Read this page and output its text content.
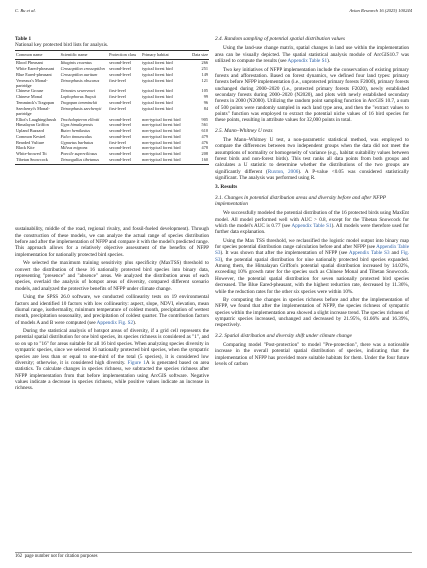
C. Bu et al.	Avian Research 16 (2025) 100244

Table 1

National key protected bird lists for analysis.

Common name	Scientific name	Protection class	Primary habitat	Data size
Blood Pheasant	Ithaginis cruentus	second-level	typical forest bird	266
White Eared-pheasant	Crossoptilon crossoptilon	second-level	typical forest bird	251
Blue Eared-pheasant	Crossoptilon auritum	second-level	typical forest bird	149
Verreaux's Monal-partridge	Tetraophasis obscurus	first-level	typical forest bird	121
Chinese Grouse	Tetrastes sewerzowi	first-level	typical forest bird	105
Chinese Monal	Lophophorus lhuysii	first-level	typical forest bird	99
Temminck's Tragopan	Tragopan temminckii	second-level	typical forest bird	96
Szechenyi's Monal-partridge	Tetraophasis szechenyii	first-level	typical forest bird	84
Elliot's Laughingthrush	Trochalopteron elliotii	second-level	non-typical forest bird	905
Himalayan Griffon	Gyps himalayensis	second-level	non-typical forest bird	561
Upland Buzzard	Buteo hemilasius	second-level	non-typical forest bird	610
Common Kestrel	Falco tinnunculus	second-level	non-typical forest bird	479
Bearded Vulture	Gypaetus barbatus	first-level	non-typical forest bird	476
Black Kite	Milvus migrans	second-level	non-typical forest bird	478
White-browed Tit	Poecile superciliosus	second-level	non-typical forest bird	208
Tibetan Snowcock	Tetraogallus tibetanus	second-level	non-typical forest bird	160

sustainability, middle of the road, regional rivalry, and fossil-fueled development). Through the construction of these models, we can analyze the actual range of species distribution before and after the implementation of NFPP and compare it with the model's predicted range. This approach allows for a relatively objective assessment of the benefits of NFPP implementation for nationally protected bird species.

We selected the maximum training sensitivity plus specificity (MaxTSS) threshold to convert the distribution of these 16 nationally protected bird species into binary data, representing "presence" and "absence" areas. We analyzed the distribution areas of each species, overlaid the analysis of hotspot areas of diversity, compared different scenario models, and analyzed the protective benefits of NFPP under climate change.

Using the SPSS 26.0 software, we conducted collinearity tests on 19 environmental factors and identified 10 factors with low collinearity: aspect, slope, NDVI, elevation, mean diurnal range, isothermality, minimum temperature of coldest month, precipitation of wettest month, precipitation seasonality, and precipitation of coldest quarter. The contribution factors of models A and B were computed (see Appendix Fig. S2).

During the statistical analysis of hotspot areas of diversity, if a grid cell represents the potential spatial distribution for one bird species, its species richness is considered as "1", and so on up to "16" for areas suitable for all 16 bird species. When analyzing species diversity in sympatric species, since we selected 16 nationally protected bird species, when the sympatric species are less than or equal to one-third of the total (5 species), it is considered low diversity; otherwise, it is considered high diversity. Figure 1A is generated based on area statistics. To calculate changes in species richness, we subtracted the species richness after NFPP implementation from that before implementation using ArcGIS software. Negative values indicate a decrease in species richness, while positive values indicate an increase in richness.

2.4. Random sampling of potential spatial distribution values

Using the land-use change matrix, spatial changes in land use within the implementation area can be visually depicted. The spatial statistical analysis module of ArcGIS10.7 was utilized to compute the results (see Appendix Table S1).

Two key initiatives of NFPP implementation include the conservation of existing primary forests and afforestation. Based on forest dynamics, we defined four land types: primary forests before NFPP implementation (i.e., unprotected primary forests F2000), primary forests unchanged during 2000–2020 (i.e., protected primary forests F2020), newly established secondary forests during 2000–2020 (N2020), and plots with newly established secondary forests in 2000 (N2000). Utilizing the random point sampling function in ArcGIS 10.7, a sum of 500 points were randomly sampled in each land type area, and then the "extract values to points" function was employed to extract the potential niche values of 16 bird species for these points, resulting in attribute values for 32,000 points in total.

2.5. Mann–Whitney U tests

The Mann–Whitney U test, a non-parametric statistical method, was employed to compare the differences between two independent groups when the data did not meet the assumptions of normality or homogeneity of variance (e.g., habitat suitability values between forest birds and non-forest birds). This test ranks all data points from both groups and calculates a U statistic to determine whether the distributions of the two groups are significantly different (Ruxton, 2006). A P-value <0.05 was considered statistically significant. The analysis was performed using R.

3. Results
3.1. Changes in potential distribution areas and diversity before and after NFPP implementation

We successfully modeled the potential distribution of the 16 protected birds using MaxEnt model. All model performed well with AUC > 0.8, except for the Tibetan Snowcock for which the model's AUC is 0.77 (see Appendix Table S1). All models were therefore used for further data explanation.

Using the Max TSS threshold, we reclassified the logistic model output into binary map for species potential distribution range calculation before and after NFPP (see Appendix Table S3). It was shown that after the implementation of NFPP (see Appendix Table S3 and Fig. S3), the potential spatial distribution for nine nationally protected bird species expanded. Among them, the Himalayan Griffon's potential spatial distribution increased by 14.02%, exceeding 10% growth rater for the species such as Chinese Monal and Tibetan Snowcock. However, the potential spatial distribution for seven nationally protected bird species decreased. The Blue Eared-pheasant, with the highest reduction rate, decreased by 11.36%, while the reduction rates for the other six species were within 10%.

By computing the changes in species richness before and after the implementation of NFPP, we found that after the implementation of NFPP, the species richness of sympatric species within the implementation area showed a slight increase trend. The species richness of sympatric species increased, unchanged and decreased by 21.95%, 61.66% and 16.39%, respectively.

3.2. Spatial distribution and diversity shift under climate change

Comparing model "Post-protection" to model "Pre-protection", there was a noticeable increase in the overall potential spatial distribution of species, indicating that the implementation of NFPP has provided more suitable habitats for them. Under the four future levels of carbon

162 page number not for citation purposes
